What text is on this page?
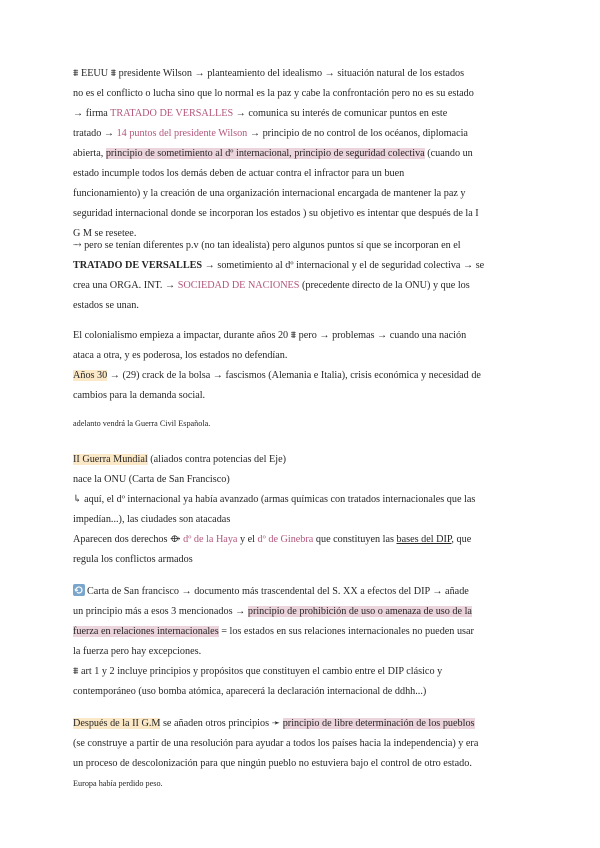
⩩ EEUU ⩩ presidente Wilson → planteamiento del idealismo → situación natural de los estados
no es el conflicto o lucha sino que lo normal es la paz y cabe la confrontación pero no es su estado
→ firma TRATADO DE VERSALLES → comunica su interés de comunicar puntos en este
tratado → 14 puntos del presidente Wilson → principio de no control de los océanos, diplomacia
abierta, principio de sometimiento al dº internacional, principio de seguridad colectiva (cuando un
estado incumple todos los demás deben de actuar contra el infractor para un buen
funcionamiento) y la creación de una organización internacional encargada de mantener la paz y
seguridad internacional donde se incorporan los estados ) su objetivo es intentar que después de la I
G M se resetee.
⤑ pero se tenían diferentes p.v (no tan idealista) pero algunos puntos sí que se incorporan en el
TRATADO DE VERSALLES → sometimiento al dº internacional y el de seguridad colectiva → se
crea una ORGA. INT. → SOCIEDAD DE NACIONES (precedente directo de la ONU) y que los
estados se unan.
El colonialismo empieza a impactar, durante años 20 ⩩ pero → problemas → cuando una nación
ataca a otra, y es poderosa, los estados no defendían.
Años 30 → (29) crack de la bolsa → fascismos (Alemania e Italia), crisis económica y necesidad de
cambios para la demanda social.
adelanto vendrá la Guerra Civil Española.
II Guerra Mundial (aliados contra potencias del Eje)
nace la ONU (Carta de San Francisco)
↳ aquí, el dº internacional ya había avanzado (armas químicas con tratados internacionales que las
impedían...), las ciudades son atacadas
Aparecen dos derechos ⟴ dº de la Haya y el dº de Ginebra que constituyen las bases del DIP, que
regula los conflictos armados
Carta de San francisco → documento más trascendental del S. XX a efectos del DIP → añade
un principio más a esos 3 mencionados → principio de prohibición de uso o amenaza de uso de la
fuerza en relaciones internacionales = los estados en sus relaciones internacionales no pueden usar
la fuerza pero hay excepciones.
⩩ art 1 y 2 incluye principios y propósitos que constituyen el cambio entre el DIP clásico y
contemporáneo (uso bomba atómica, aparecerá la declaración internacional de ddhh...)
Después de la II G.M se añaden otros principios ➛ principio de libre determinación de los pueblos
(se construye a partir de una resolución para ayudar a todos los países hacia la independencia) y era
un proceso de descolonización para que ningún pueblo no estuviera bajo el control de otro estado.
Europa había perdido peso.
